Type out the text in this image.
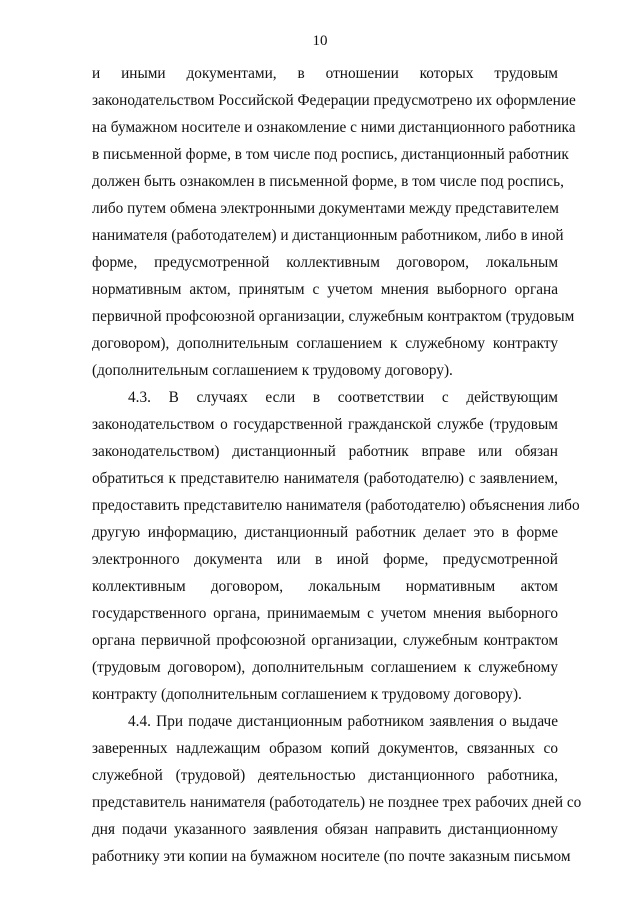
10
и иными документами, в отношении которых трудовым
законодательством Российской Федерации предусмотрено их оформление
на бумажном носителе и ознакомление с ними дистанционного работника
в письменной форме, в том числе под роспись, дистанционный работник
должен быть ознакомлен в письменной форме, в том числе под роспись,
либо путем обмена электронными документами между представителем
нанимателя (работодателем) и дистанционным работником, либо в иной
форме, предусмотренной коллективным договором, локальным
нормативным актом, принятым с учетом мнения выборного органа
первичной профсоюзной организации, служебным контрактом (трудовым
договором), дополнительным соглашением к служебному контракту
(дополнительным соглашением к трудовому договору).
4.3. В случаях если в соответствии с действующим
законодательством о государственной гражданской службе (трудовым
законодательством) дистанционный работник вправе или обязан
обратиться к представителю нанимателя (работодателю) с заявлением,
предоставить представителю нанимателя (работодателю) объяснения либо
другую информацию, дистанционный работник делает это в форме
электронного документа или в иной форме, предусмотренной
коллективным договором, локальным нормативным актом
государственного органа, принимаемым с учетом мнения выборного
органа первичной профсоюзной организации, служебным контрактом
(трудовым договором), дополнительным соглашением к служебному
контракту (дополнительным соглашением к трудовому договору).
4.4. При подаче дистанционным работником заявления о выдаче
заверенных надлежащим образом копий документов, связанных со
служебной (трудовой) деятельностью дистанционного работника,
представитель нанимателя (работодатель) не позднее трех рабочих дней со
дня подачи указанного заявления обязан направить дистанционному
работнику эти копии на бумажном носителе (по почте заказным письмом
